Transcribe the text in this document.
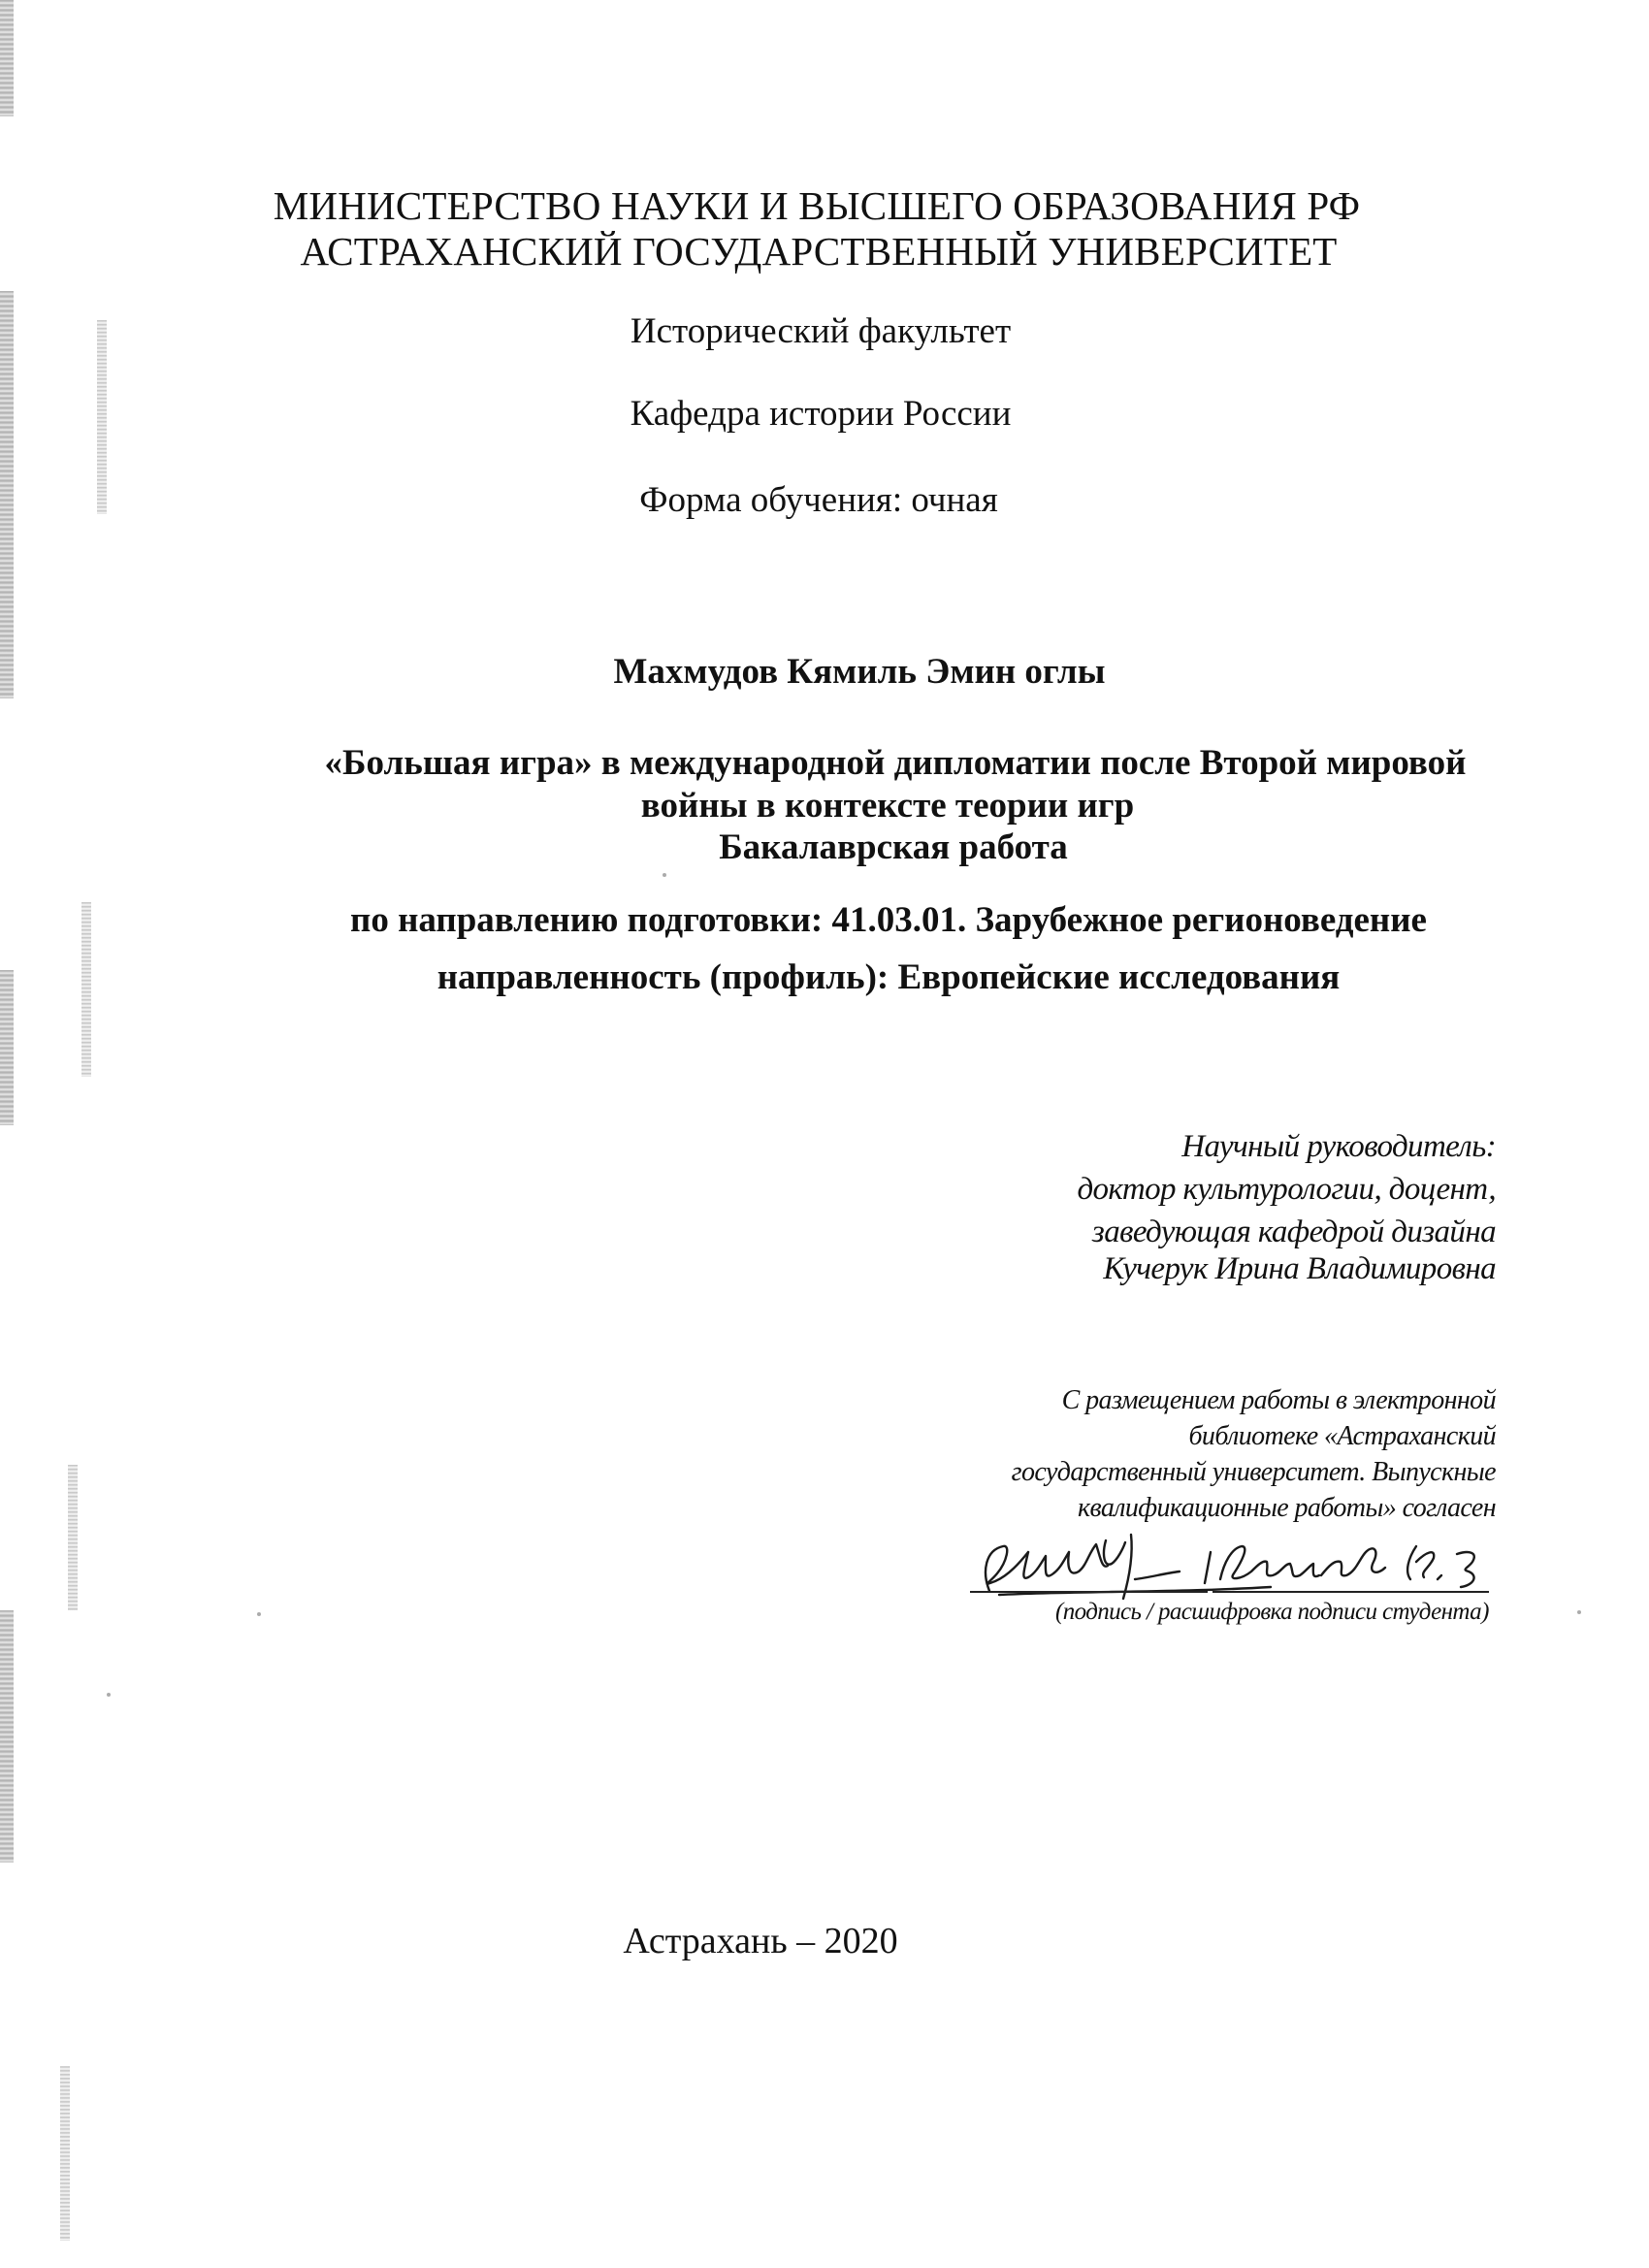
МИНИСТЕРСТВО НАУКИ И ВЫСШЕГО ОБРАЗОВАНИЯ РФ
АСТРАХАНСКИЙ ГОСУДАРСТВЕННЫЙ УНИВЕРСИТЕТ
Исторический факультет
Кафедра истории России
Форма обучения: очная
Махмудов Кямиль Эмин оглы
«Большая игра» в международной дипломатии после Второй мировой
войны в контексте теории игр
Бакалаврская работа
по направлению подготовки: 41.03.01. Зарубежное регионоведение
направленность (профиль): Европейские исследования
Научный руководитель:
доктор культурологии, доцент,
заведующая кафедрой дизайна
Кучерук Ирина Владимировна
С размещением работы в электронной
библиотеке «Астраханский
государственный университет. Выпускные
квалификационные работы» согласен
(подпись / расшифровка подписи студента)
Астрахань – 2020
